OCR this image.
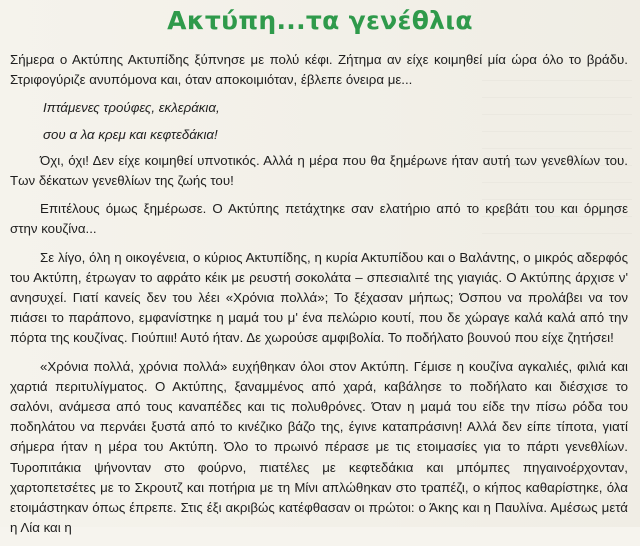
Ακτύπη...τα γενέθλια

Σήμερα ο Ακτύπης Ακτυπίδης ξύπνησε με πολύ κέφι. Ζήτημα αν είχε κοιμηθεί μία ώρα όλο το βράδυ. Στριφογύριζε ανυπόμονα και, όταν αποκοιμιόταν, έβλεπε όνειρα με...

Ιπτάμενες τρούφες, εκλεράκια,

σου α λα κρεμ και κεφτεδάκια!

Όχι, όχι! Δεν είχε κοιμηθεί υπνοτικός. Αλλά η μέρα που θα ξημέρωνε ήταν αυτή των γενεθλίων του. Των δέκατων γενεθλίων της ζωής του!

Επιτέλους όμως ξημέρωσε. Ο Ακτύπης πετάχτηκε σαν ελατήριο από το κρεβάτι του και όρμησε στην κουζίνα...

Σε λίγο, όλη η οικογένεια, ο κύριος Ακτυπίδης, η κυρία Ακτυπίδου και ο Βαλάντης, ο μικρός αδερφός του Ακτύπη, έτρωγαν το αφράτο κέικ με ρευστή σοκολάτα – σπεσιαλιτέ της γιαγιάς. Ο Ακτύπης άρχισε ν' ανησυχεί. Γιατί κανείς δεν του λέει «Χρόνια πολλά»; Το ξέχασαν μήπως; Όσπου να προλάβει να τον πιάσει το παράπονο, εμφανίστηκε η μαμά του μ' ένα πελώριο κουτί, που δε χώραγε καλά καλά από την πόρτα της κουζίνας. Γιούπιιι! Αυτό ήταν. Δε χωρούσε αμφιβολία. Το ποδήλατο βουνού που είχε ζητήσει!

«Χρόνια πολλά, χρόνια πολλά» ευχήθηκαν όλοι στον Ακτύπη. Γέμισε η κουζίνα αγκαλιές, φιλιά και χαρτιά περιτυλίγματος. Ο Ακτύπης, ξαναμμένος από χαρά, καβάλησε το ποδήλατο και διέσχισε το σαλόνι, ανάμεσα από τους καναπέδες και τις πολυθρόνες. Όταν η μαμά του είδε την πίσω ρόδα του ποδηλάτου να περνάει ξυστά από το κινέζικο βάζο της, έγινε καταπράσινη! Αλλά δεν είπε τίποτα, γιατί σήμερα ήταν η μέρα του Ακτύπη. Όλο το πρωινό πέρασε με τις ετοιμασίες για το πάρτι γενεθλίων. Τυροπιτάκια ψήνονταν στο φούρνο, πιατέλες με κεφτεδάκια και μπόμπες πηγαινοέρχονταν, χαρτοπετσέτες με το Σκρουτζ και ποτήρια με τη Μίνι απλώθηκαν στο τραπέζι, ο κήπος καθαρίστηκε, όλα ετοιμάστηκαν όπως έπρεπε. Στις έξι ακριβώς κατέφθασαν οι πρώτοι: ο Άκης και η Παυλίνα. Αμέσως μετά η Λία και η
